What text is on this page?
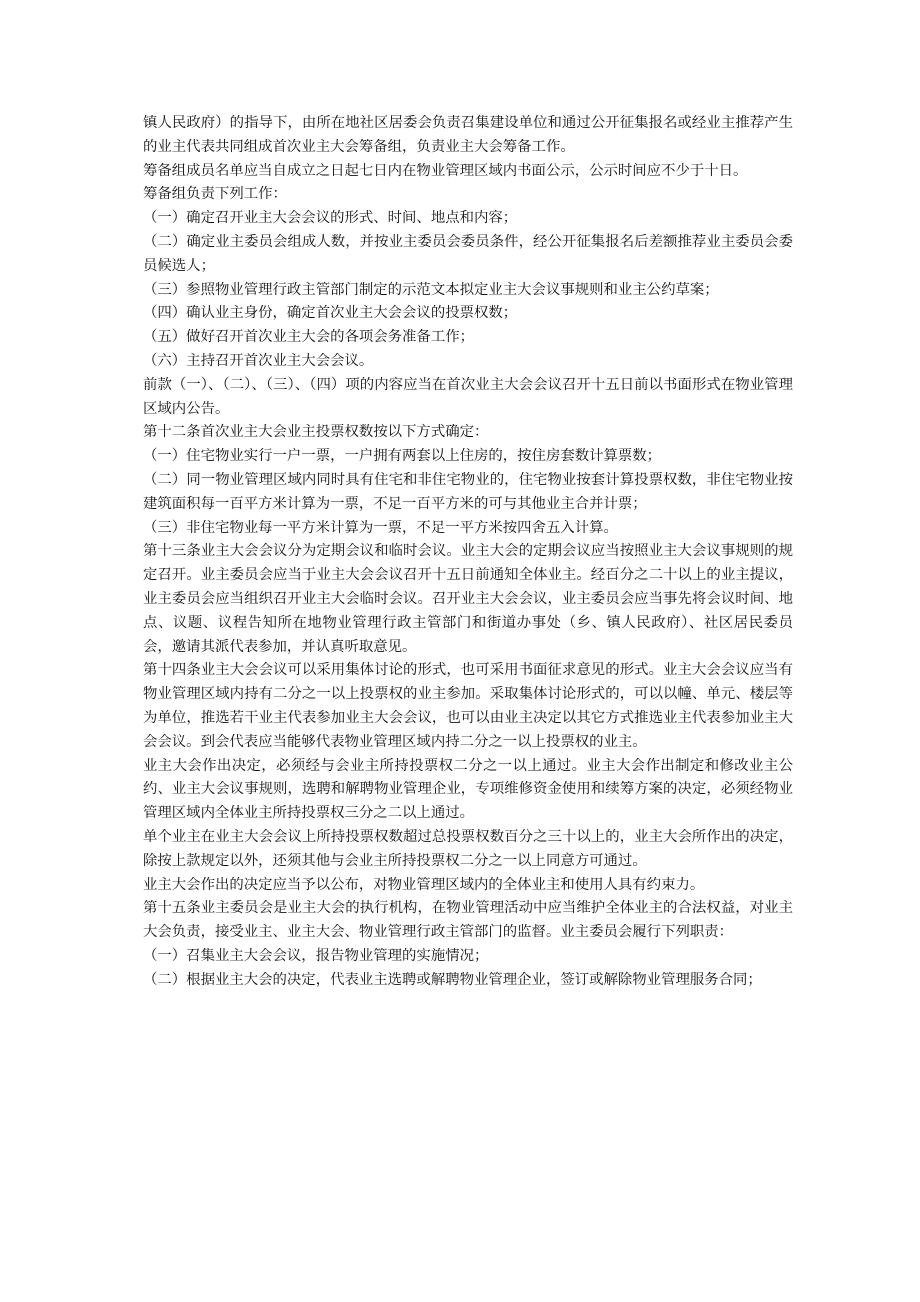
镇人民政府）的指导下，由所在地社区居委会负责召集建设单位和通过公开征集报名或经业主推荐产生的业主代表共同组成首次业主大会筹备组，负责业主大会筹备工作。

筹备组成员名单应当自成立之日起七日内在物业管理区域内书面公示，公示时间应不少于十日。

筹备组负责下列工作：

（一）确定召开业主大会会议的形式、时间、地点和内容；

（二）确定业主委员会组成人数，并按业主委员会委员条件，经公开征集报名后差额推荐业主委员会委员候选人；

（三）参照物业管理行政主管部门制定的示范文本拟定业主大会议事规则和业主公约草案；

（四）确认业主身份，确定首次业主大会会议的投票权数；

（五）做好召开首次业主大会的各项会务准备工作；

（六）主持召开首次业主大会会议。

前款（一）、（二）、（三）、（四）项的内容应当在首次业主大会会议召开十五日前以书面形式在物业管理区域内公告。

第十二条首次业主大会业主投票权数按以下方式确定：

（一）住宅物业实行一户一票，一户拥有两套以上住房的，按住房套数计算票数；

（二）同一物业管理区域内同时具有住宅和非住宅物业的，住宅物业按套计算投票权数，非住宅物业按建筑面积每一百平方米计算为一票，不足一百平方米的可与其他业主合并计票；

（三）非住宅物业每一平方米计算为一票，不足一平方米按四舍五入计算。

第十三条业主大会会议分为定期会议和临时会议。业主大会的定期会议应当按照业主大会议事规则的规定召开。业主委员会应当于业主大会会议召开十五日前通知全体业主。经百分之二十以上的业主提议，业主委员会应当组织召开业主大会临时会议。召开业主大会会议，业主委员会应当事先将会议时间、地点、议题、议程告知所在地物业管理行政主管部门和街道办事处（乡、镇人民政府）、社区居民委员会，邀请其派代表参加，并认真听取意见。

第十四条业主大会会议可以采用集体讨论的形式，也可采用书面征求意见的形式。业主大会会议应当有物业管理区域内持有二分之一以上投票权的业主参加。采取集体讨论形式的，可以以幢、单元、楼层等为单位，推选若干业主代表参加业主大会会议，也可以由业主决定以其它方式推选业主代表参加业主大会会议。到会代表应当能够代表物业管理区域内持二分之一以上投票权的业主。

业主大会作出决定，必须经与会业主所持投票权二分之一以上通过。业主大会作出制定和修改业主公约、业主大会议事规则，选聘和解聘物业管理企业，专项维修资金使用和续筹方案的决定，必须经物业管理区域内全体业主所持投票权三分之二以上通过。

单个业主在业主大会会议上所持投票权数超过总投票权数百分之三十以上的，业主大会所作出的决定，除按上款规定以外，还须其他与会业主所持投票权二分之一以上同意方可通过。

业主大会作出的决定应当予以公布，对物业管理区域内的全体业主和使用人具有约束力。

第十五条业主委员会是业主大会的执行机构，在物业管理活动中应当维护全体业主的合法权益，对业主大会负责，接受业主、业主大会、物业管理行政主管部门的监督。业主委员会履行下列职责：

（一）召集业主大会会议，报告物业管理的实施情况；

（二）根据业主大会的决定，代表业主选聘或解聘物业管理企业，签订或解除物业管理服务合同；
